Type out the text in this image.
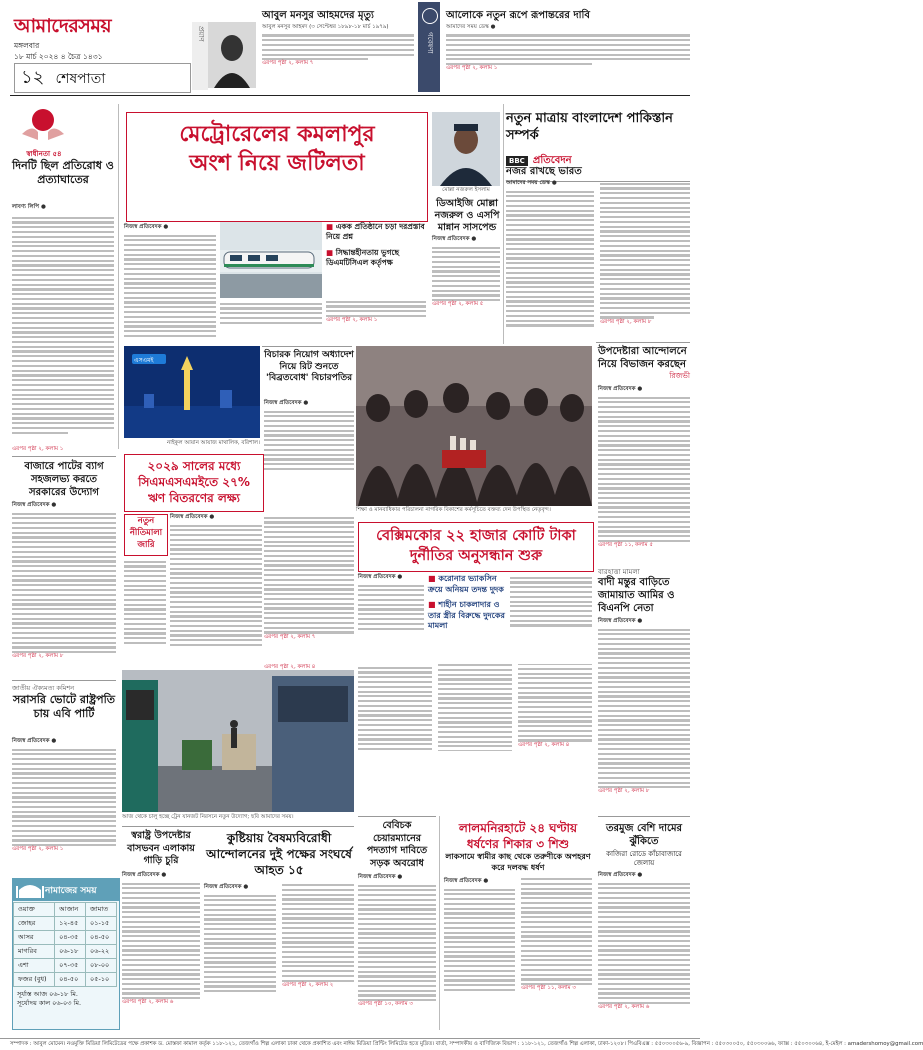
আমাদেরসময়
মঙ্গলবার
১৮ মার্চ ২০২৪ ৪ চৈত্র ১৪৩১
১২ শেষপাতা
প্রয়াণ
আবুল মনসুর আহমদের মৃত্যু
আবুল মনসুর আহমদ (৩ সেপ্টেম্বর ১৮৯৮-১৮ মার্চ ১৯৭৯)
এরপর পৃষ্ঠা ২, কলাম ৭
গবেষণা
আলোকে নতুন রূপে রূপান্তরের দাবি
আমাদের সময় ডেস্ক ●
এরপর পৃষ্ঠা ২, কলাম ১
স্বাধীনতা ৫৪
দিনটি ছিল প্রতিরোধ ও প্রত্যাঘাতের
লাবণ্য লিপি ●
এরপর পৃষ্ঠা ২, কলাম ১
মেট্রোরেলের কমলাপুর
অংশ নিয়ে জটিলতা
নিজস্ব প্রতিবেদক ●	■ একক প্রতিষ্ঠানে চড়া দরপ্রস্তাব নিয়ে প্রশ্ন
■ সিদ্ধান্তহীনতায় ভুগছে ডিএমটিসিএল কর্তৃপক্ষ
এরপর পৃষ্ঠা ২, কলাম ১
নতুন মাত্রায় বাংলাদেশ পাকিস্তান সম্পর্ক
BBC প্রতিবেদন
নজর রাখছে ভারত
আমাদের সময় ডেস্ক ●
এরপর পৃষ্ঠা ২, কলাম ৮
মোল্লা নজরুল ইসলাম
ডিআইজি মোল্লা নজরুল ও এসপি মান্নান সাসপেন্ড
নিজস্ব প্রতিবেদক ●
এরপর পৃষ্ঠা ২, কলাম ৫
উপদেষ্টারা আন্দোলনে নিয়ে বিভাজন করছেন
রিজভী
নিজস্ব প্রতিবেদক ●
এরপর পৃষ্ঠা ১১, কলাম ৫
বিচারক নিয়োগ অধ্যাদেশ নিয়ে রিট শুনতে 'বিব্রতবোধ' বিচারপতির
নিজস্ব প্রতিবেদক ●
এসএমই
নাইকুল আয়ান আয়াজ মাথালিক, বরিশাল।
শিক্ষা ও মানবাধিকার পরিচালনা নাগরিক বিকাশের কর্মসূচিতে বক্তব্য দেন উপস্থিত নেতৃবৃন্দ।
বাজারে পাটের ব্যাগ সহজলভ্য করতে সরকারের উদ্যোগ
নিজস্ব প্রতিবেদক ●
এরপর পৃষ্ঠা ২, কলাম ৮
২০২৯ সালের মধ্যে সিএমএসএমইতে ২৭% ঋণ বিতরণের লক্ষ্য
নতুন নীতিমালা জারি
নিজস্ব প্রতিবেদক ●
এরপর পৃষ্ঠা ২, কলাম ৭
এরপর পৃষ্ঠা ২, কলাম ৪
বেক্সিমকোর ২২ হাজার কোটি টাকা দুর্নীতির অনুসন্ধান শুরু
নিজস্ব প্রতিবেদক ●	■ করোনার ভ্যাকসিন ক্রয়ে অনিয়ম তদন্ত দুদক
■ শাহীন চাকলাদার ও তার স্ত্রীর বিরুদ্ধে দুদকের মামলা
এরপর পৃষ্ঠা ২, কলাম ৪
বারহাত্তা মামলা
বাদী মন্তুর বাড়িতে জামায়াত আমির ও বিএনপি নেতা
নিজস্ব প্রতিবেদক ●
এরপর পৃষ্ঠা ২, কলাম ৮
জাতীয় ঐক্যমত্য কমিশন
সরাসরি ভোটে রাষ্ট্রপতি চায় এবি পার্টি
নিজস্ব প্রতিবেদক ●
এরপর পৃষ্ঠা ২, কলাম ১
আজ থেকে চালু হচ্ছে ট্রেন যানজট নিরসনে নতুন উদ্যোগ; ছবি আমাদের সময়।
বেবিচক চেয়ারম্যানের পদত্যাগ দাবিতে সড়ক অবরোধ
নিজস্ব প্রতিবেদক ●
এরপর পৃষ্ঠা ১০, কলাম ৩
লালমনিরহাটে ২৪ ঘণ্টায় ধর্ষণের শিকার ৩ শিশু
লাকসামে স্বামীর কাছ থেকে তরুণীকে অপহরণ করে দলবদ্ধ ধর্ষণ
নিজস্ব প্রতিবেদক ●
এরপর পৃষ্ঠা ১১, কলাম ৩
তরমুজ বেশি দামের ঝুঁকিতে
কাজিরা রোডে কাঁচাবাজারে জেলায়
নিজস্ব প্রতিবেদক ●
এরপর পৃষ্ঠা ২, কলাম ৬
স্বরাষ্ট্র উপদেষ্টার বাসভবন এলাকায় গাড়ি চুরি
নিজস্ব প্রতিবেদক ●
এরপর পৃষ্ঠা ২, কলাম ৬
কুষ্টিয়ায় বৈষম্যবিরোধী আন্দোলনের দুই পক্ষের সংঘর্ষে আহত ১৫
নিজস্ব প্রতিবেদক ●
এরপর পৃষ্ঠা ২, কলাম ২
নামাজের সময়
ওয়াক্ত	আজান	জামাত
জোহর	১২-৪৫	০১-১৫
আসর	০৪-৩৫	০৪-৫০
মাগরিব	০৬-১৮	০৬-২২
এশা	০৭-৩৫	০৮-০০
ফজর (বুধ)	০৪-৫০	০৫-১০
সূর্যাস্ত আজ ০৬-১৮ মি.
সূর্যোদয় কাল ০৬-০৩ মি.
সম্পাদক : আবুল মোমেন। নওমুক্তি মিডিয়া লিমিটেডের পক্ষে প্রকাশক ড. মোস্তফা কামাল কর্তৃক ১১৮-১২১, তেজগাঁও শিল্প এলাকা ঢাকা থেকে প্রকাশিত এবং নাঈম মিডিয়া প্রিন্টিং লিমিটেড হতে মুদ্রিত। বার্তা, সম্পাদকীয় ও বাণিজ্যিক বিভাগ : ১১৮-১২১, তেজগাঁও শিল্প এলাকা, ঢাকা-১২০৮। পিএবিএক্স : ৫৫০৩০০৫৬-৯, বিজ্ঞাপন : ৫৫০৩০০৫০, ৫৫০৩০০৬৬, ফ্যাক্স : ৫৫০৩০০৬৪, ই-মেইল : amadershomoy@gmail.com
